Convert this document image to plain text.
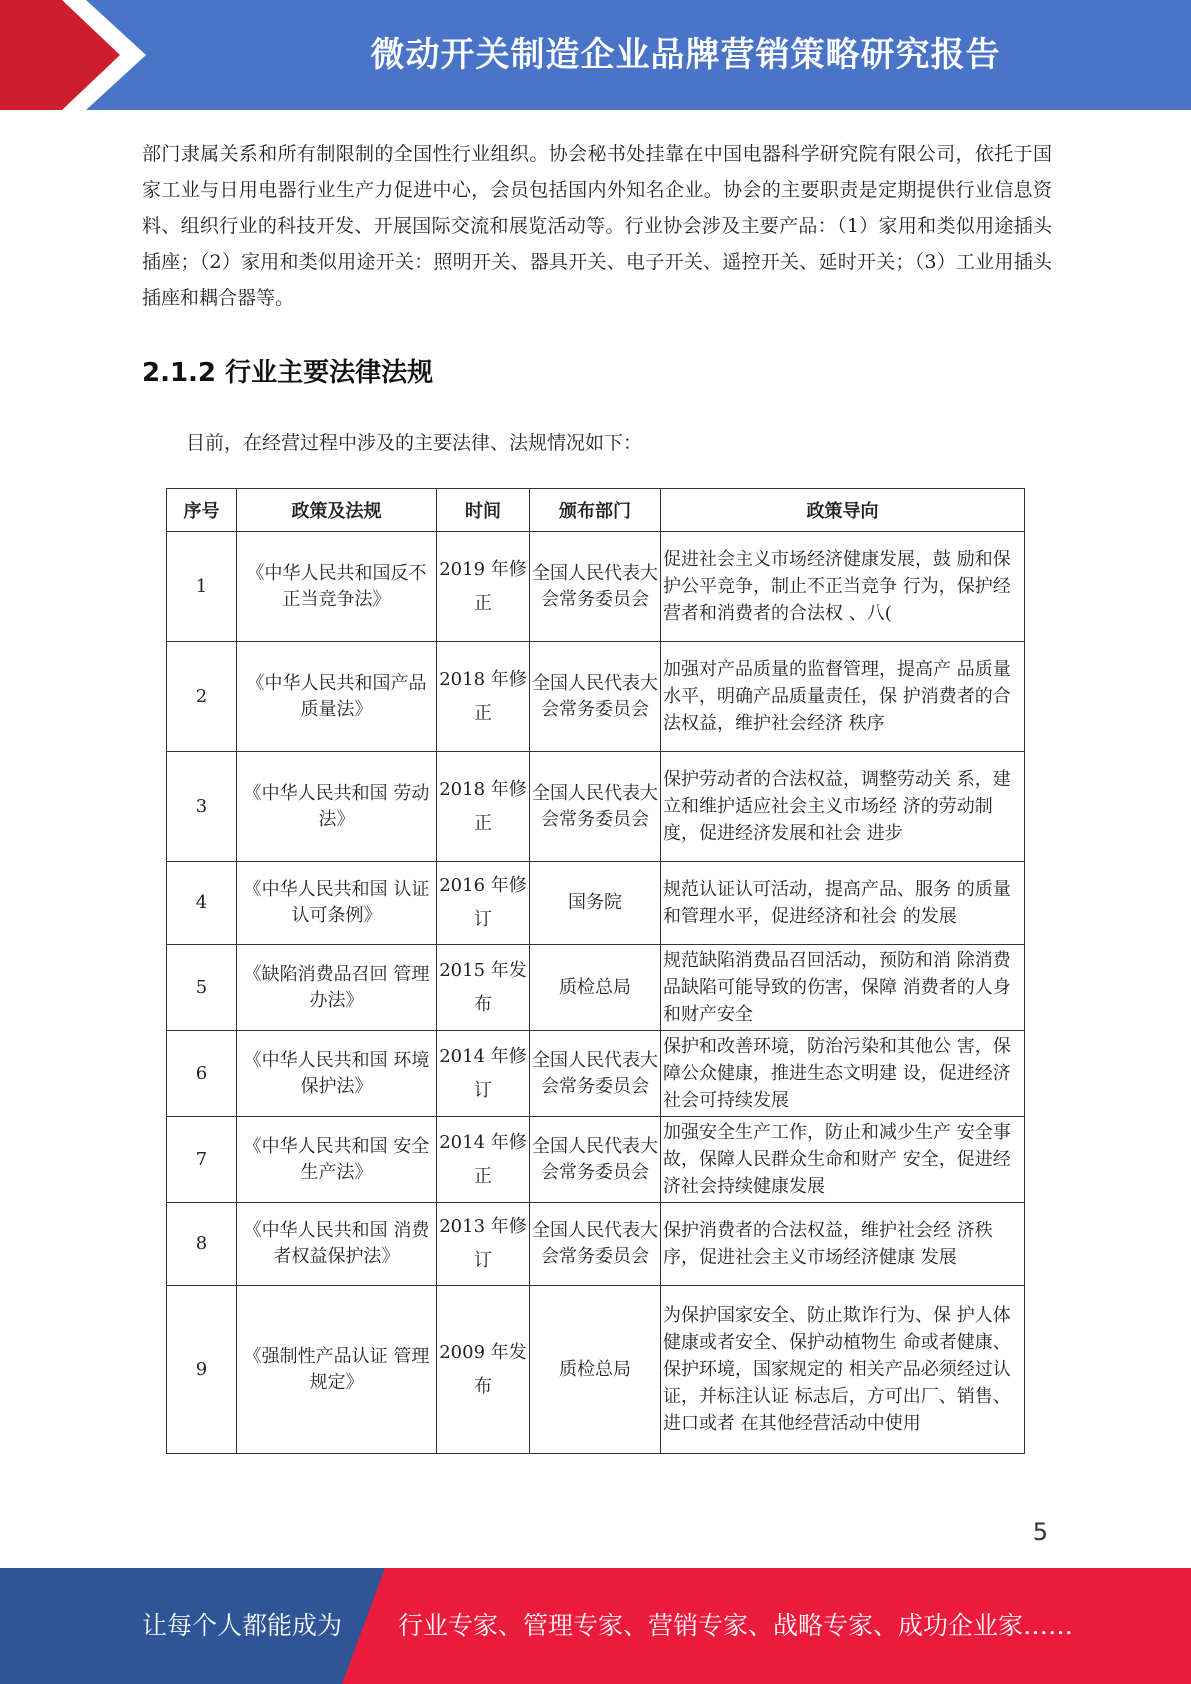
微动开关制造企业品牌营销策略研究报告

部门隶属关系和所有制限制的全国性行业组织。协会秘书处挂靠在中国电器科学研究院有限公司，依托于国家工业与日用电器行业生产力促进中心，会员包括国内外知名企业。协会的主要职责是定期提供行业信息资料、组织行业的科技开发、开展国际交流和展览活动等。行业协会涉及主要产品：（1）家用和类似用途插头插座；（2）家用和类似用途开关：照明开关、器具开关、电子开关、遥控开关、延时开关；（3）工业用插头插座和耦合器等。

2.1.2 行业主要法律法规
目前，在经营过程中涉及的主要法律、法规情况如下：
序号	政策及法规	时间	颁布部门	政策导向
1	《中华人民共和国反不正当竞争法》	2019 年修正	全国人民代表大会常务委员会	促进社会主义市场经济健康发展，鼓 励和保护公平竞争，制止不正当竞争 行为，保护经营者和消费者的合法权 、八(
2	《中华人民共和国产品质量法》	2018 年修正	全国人民代表大会常务委员会	加强对产品质量的监督管理，提高产 品质量水平，明确产品质量责任，保 护消费者的合法权益，维护社会经济 秩序
3	《中华人民共和国 劳动法》	2018 年修正	全国人民代表大会常务委员会	保护劳动者的合法权益，调整劳动关 系，建立和维护适应社会主义市场经 济的劳动制度，促进经济发展和社会 进步
4	《中华人民共和国 认证认可条例》	2016 年修订	国务院	规范认证认可活动，提高产品、服务 的质量和管理水平，促进经济和社会 的发展
5	《缺陷消费品召回 管理办法》	2015 年发布	质检总局	规范缺陷消费品召回活动，预防和消 除消费品缺陷可能导致的伤害，保障 消费者的人身和财产安全
6	《中华人民共和国 环境保护法》	2014 年修订	全国人民代表大会常务委员会	保护和改善环境，防治污染和其他公 害，保障公众健康，推进生态文明建 设，促进经济社会可持续发展
7	《中华人民共和国 安全生产法》	2014 年修正	全国人民代表大会常务委员会	加强安全生产工作，防止和减少生产 安全事故，保障人民群众生命和财产 安全，促进经济社会持续健康发展
8	《中华人民共和国 消费者权益保护法》	2013 年修订	全国人民代表大会常务委员会	保护消费者的合法权益，维护社会经 济秩序，促进社会主义市场经济健康 发展
9	《强制性产品认证 管理规定》	2009 年发布	质检总局	为保护国家安全、防止欺诈行为、保 护人体健康或者安全、保护动植物生 命或者健康、保护环境，国家规定的 相关产品必须经过认证，并标注认证 标志后，方可出厂、销售、进口或者 在其他经营活动中使用
5
让每个人都能成为 行业专家、管理专家、营销专家、战略专家、成功企业家……
